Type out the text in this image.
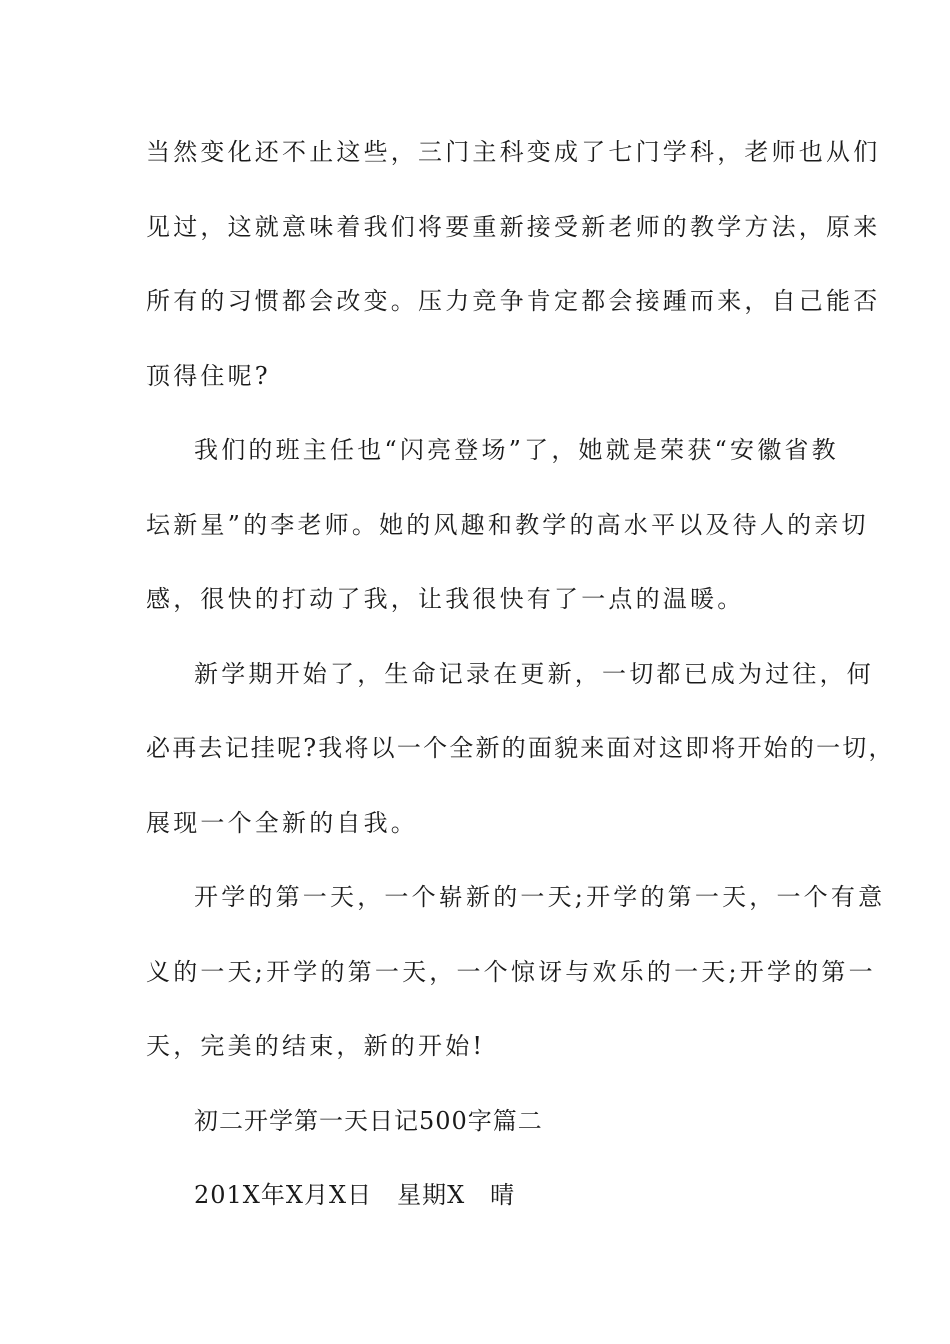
当然变化还不止这些，三门主科变成了七门学科，老师也从们
见过，这就意味着我们将要重新接受新老师的教学方法，原来
所有的习惯都会改变。压力竞争肯定都会接踵而来，自己能否
顶得住呢?
我们的班主任也“闪亮登场”了，她就是荣获“安徽省教
坛新星”的李老师。她的风趣和教学的高水平以及待人的亲切
感，很快的打动了我，让我很快有了一点的温暖。
新学期开始了，生命记录在更新，一切都已成为过往，何
必再去记挂呢?我将以一个全新的面貌来面对这即将开始的一切，
展现一个全新的自我。
开学的第一天，一个崭新的一天;开学的第一天，一个有意
义的一天;开学的第一天，一个惊讶与欢乐的一天;开学的第一
天，完美的结束，新的开始!
初二开学第一天日记500字篇二
201X年X月X日　星期X　晴
